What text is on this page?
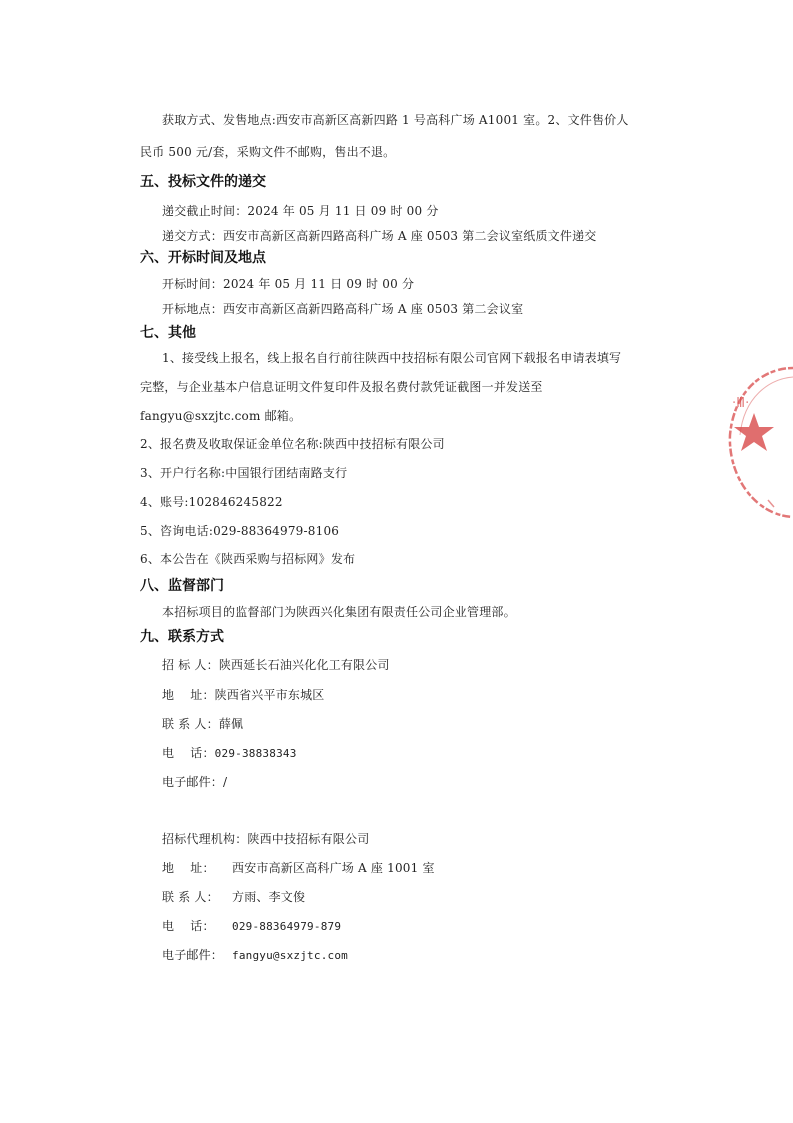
获取方式、发售地点:西安市高新区高新四路 1 号高科广场 A1001 室。2、文件售价人
民币 500 元/套，采购文件不邮购，售出不退。
五、投标文件的递交
递交截止时间：2024 年 05 月 11 日 09 时 00 分
递交方式：西安市高新区高新四路高科广场 A 座 0503 第二会议室纸质文件递交
六、开标时间及地点
开标时间：2024 年 05 月 11 日 09 时 00 分
开标地点：西安市高新区高新四路高科广场 A 座 0503 第二会议室
七、其他
1、接受线上报名，线上报名自行前往陕西中技招标有限公司官网下载报名申请表填写
完整，与企业基本户信息证明文件复印件及报名费付款凭证截图一并发送至
fangyu@sxzjtc.com 邮箱。
2、报名费及收取保证金单位名称:陕西中技招标有限公司
3、开户行名称:中国银行团结南路支行
4、账号:102846245822
5、咨询电话:029-88364979-8106
6、本公告在《陕西采购与招标网》发布
八、监督部门
本招标项目的监督部门为陕西兴化集团有限责任公司企业管理部。
九、联系方式
招 标 人：陕西延长石油兴化化工有限公司
地    址：陕西省兴平市东城区
联 系 人：薛佩
电    话：029-38838343
电子邮件：/
招标代理机构：陕西中技招标有限公司
地    址： 西安市高新区高科广场 A 座 1001 室
联 系 人： 方雨、李文俊
电    话： 029-88364979-879
电子邮件： fangyu@sxzjtc.com
·Ⅲ·
